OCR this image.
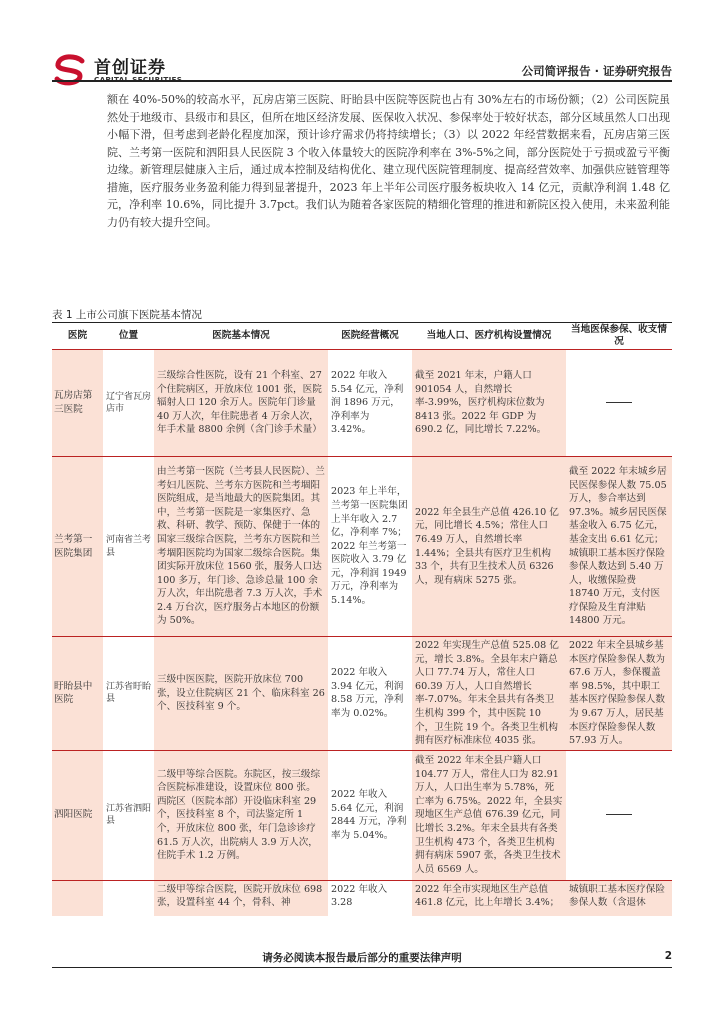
首创证券
CAPITAL SECURITIES
公司简评报告 · 证券研究报告

额在 40%-50%的较高水平，瓦房店第三医院、盱眙县中医院等医院也占有 30%左右的市场份额；（2）公司医院虽然处于地级市、县级市和县区，但所在地区经济发展、医保收入状况、参保率处于较好状态，部分区域虽然人口出现小幅下滑，但考虑到老龄化程度加深，预计诊疗需求仍将持续增长；（3）以 2022 年经营数据来看，瓦房店第三医院、兰考第一医院和泗阳县人民医院 3 个收入体量较大的医院净利率在 3%-5%之间，部分医院处于亏损或盈亏平衡边缘。新管理层健康入主后，通过成本控制及结构优化、建立现代医院管理制度、提高经营效率、加强供应链管理等措施，医疗服务业务盈利能力得到显著提升，2023 年上半年公司医疗服务板块收入 14 亿元，贡献净利润 1.48 亿元，净利率 10.6%，同比提升 3.7pct。我们认为随着各家医院的精细化管理的推进和新院区投入使用，未来盈利能力仍有较大提升空间。

表 1 上市公司旗下医院基本情况
医院	位置	医院基本情况	医院经营概况	当地人口、医疗机构设置情况	当地医保参保、收支情况
瓦房店第三医院	辽宁省瓦房店市	三级综合性医院，设有 21 个科室、27 个住院病区，开放床位 1001 张，医院辐射人口 120 余万人。医院年门诊量 40 万人次，年住院患者 4 万余人次，年手术量 8800 余例（含门诊手术量）	2022 年收入 5.54 亿元，净利润 1896 万元，净利率为 3.42%。	截至 2021 年末，户籍人口 901054 人，自然增长率-3.99%，医疗机构床位数为 8413 张。2022 年 GDP 为 690.2 亿，同比增长 7.22%。	
兰考第一医院集团	河南省兰考县	由兰考第一医院（兰考县人民医院）、兰考妇儿医院、兰考东方医院和兰考堌阳医院组成，是当地最大的医院集团。其中，兰考第一医院是一家集医疗、急救、科研、教学、预防、保健于一体的国家三级综合医院，兰考东方医院和兰考堌阳医院均为国家二级综合医院。集团实际开放床位 1560 张，服务人口达 100 多万，年门诊、急诊总量 100 余万人次，年出院患者 7.3 万人次，手术 2.4 万台次，医疗服务占本地区的份额为 50%。	2023 年上半年，兰考第一医院集团上半年收入 2.7 亿，净利率 7%；2022 年兰考第一医院收入 3.79 亿元，净利润 1949 万元，净利率为 5.14%。	2022 年全县生产总值 426.10 亿元，同比增长 4.5%；常住人口 76.49 万人，自然增长率 1.44%；全县共有医疗卫生机构 33 个，共有卫生技术人员 6326 人，现有病床 5275 张。	截至 2022 年末城乡居民医保参保人数 75.05 万人，参合率达到 97.3%。城乡居民医保基金收入 6.75 亿元，基金支出 6.61 亿元；城镇职工基本医疗保险参保人数达到 5.40 万人，收缴保险费 18740 万元，支付医疗保险及生育津贴 14800 万元。
盱眙县中医院	江苏省盱眙县	三级中医医院，医院开放床位 700 张，设立住院病区 21 个、临床科室 26 个、医技科室 9 个。	2022 年收入 3.94 亿元，利润 8.58 万元，净利率为 0.02%。	2022 年实现生产总值 525.08 亿元，增长 3.8%。全县年末户籍总人口 77.74 万人，常住人口 60.39 万人，人口自然增长率-7.07%。年末全县共有各类卫生机构 399 个，其中医院 10 个，卫生院 19 个。各类卫生机构拥有医疗标准床位 4035 张。	2022 年末全县城乡基本医疗保险参保人数为 67.6 万人，参保覆盖率 98.5%，其中职工基本医疗保险参保人数为 9.67 万人，居民基本医疗保险参保人数 57.93 万人。
泗阳医院	江苏省泗阳县	二级甲等综合医院。东院区，按三级综合医院标准建设，设置床位 800 张。西院区（医院本部）开设临床科室 29 个，医技科室 8 个，司法鉴定所 1 个，开放床位 800 张，年门急诊诊疗 61.5 万人次，出院病人 3.9 万人次，住院手术 1.2 万例。	2022 年收入 5.64 亿元，利润 2844 万元，净利率为 5.04%。	截至 2022 年末全县户籍人口 104.77 万人，常住人口为 82.91 万人，人口出生率为 5.78%，死亡率为 6.75%。2022 年，全县实现地区生产总值 676.39 亿元，同比增长 3.2%。年末全县共有各类卫生机构 473 个，各类卫生机构拥有病床 5907 张，各类卫生技术人员 6569 人。	
		二级甲等综合医院，医院开放床位 698 张，设置科室 44 个，骨科、神	2022 年收入 3.28	2022 年全市实现地区生产总值 461.8 亿元，比上年增长 3.4%；	城镇职工基本医疗保险参保人数（含退休
请务必阅读本报告最后部分的重要法律声明	2
